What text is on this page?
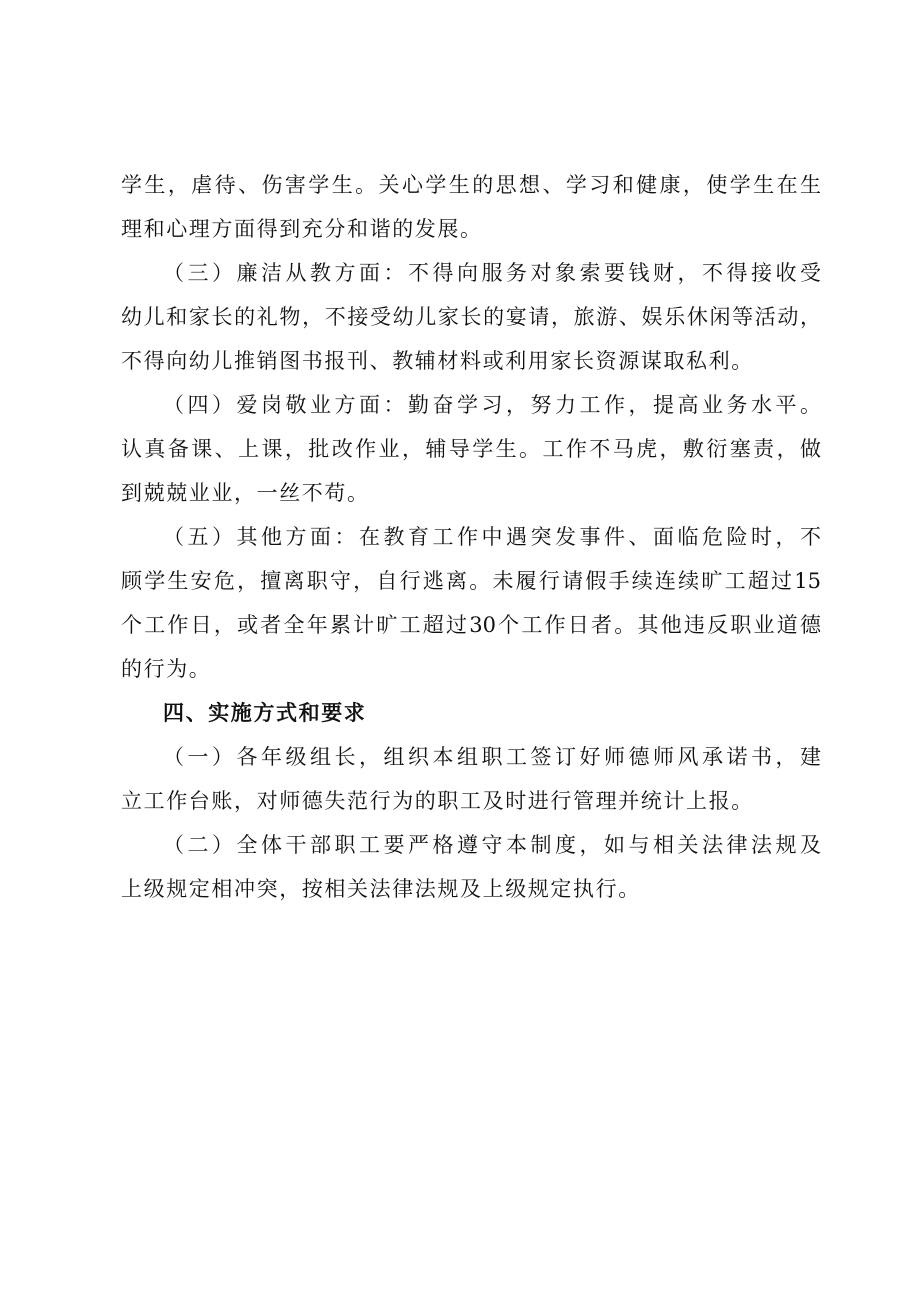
学生，虐待、伤害学生。关心学生的思想、学习和健康，使学生在生
理和心理方面得到充分和谐的发展。
（三）廉洁从教方面：不得向服务对象索要钱财，不得接收受
幼儿和家长的礼物，不接受幼儿家长的宴请，旅游、娱乐休闲等活动，
不得向幼儿推销图书报刊、教辅材料或利用家长资源谋取私利。
（四）爱岗敬业方面：勤奋学习，努力工作，提高业务水平。
认真备课、上课，批改作业，辅导学生。工作不马虎，敷衍塞责，做
到兢兢业业，一丝不苟。
（五）其他方面：在教育工作中遇突发事件、面临危险时，不
顾学生安危，擅离职守，自行逃离。未履行请假手续连续旷工超过15
个工作日，或者全年累计旷工超过30个工作日者。其他违反职业道德
的行为。
四、实施方式和要求
（一）各年级组长，组织本组职工签订好师德师风承诺书，建
立工作台账，对师德失范行为的职工及时进行管理并统计上报。
（二）全体干部职工要严格遵守本制度，如与相关法律法规及
上级规定相冲突，按相关法律法规及上级规定执行。
